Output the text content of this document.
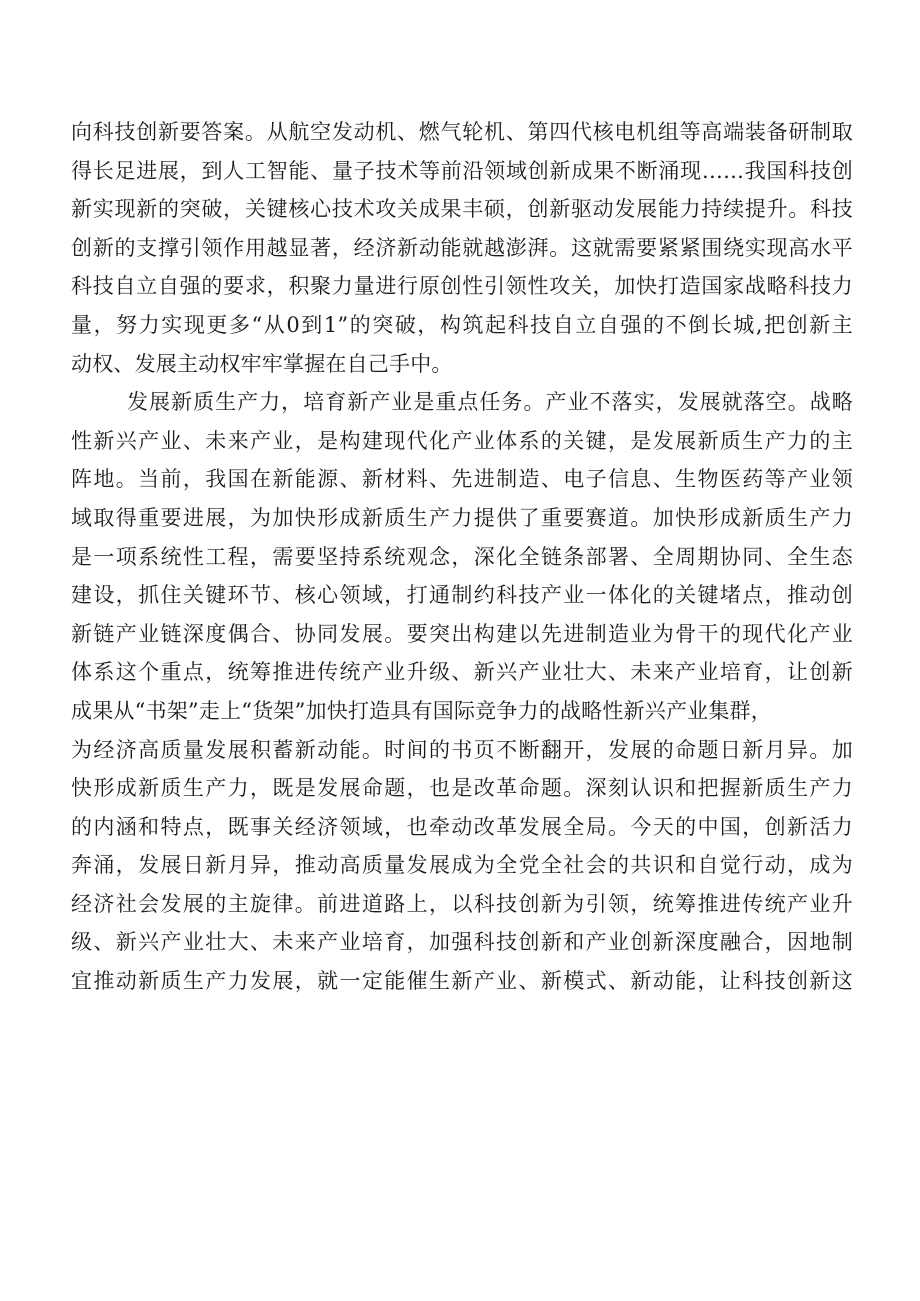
向科技创新要答案。从航空发动机、燃气轮机、第四代核电机组等高端装备研制取
得长足进展，到人工智能、量子技术等前沿领域创新成果不断涌现……我国科技创
新实现新的突破，关键核心技术攻关成果丰硕，创新驱动发展能力持续提升。科技
创新的支撑引领作用越显著，经济新动能就越澎湃。这就需要紧紧围绕实现高水平
科技自立自强的要求，积聚力量进行原创性引领性攻关，加快打造国家战略科技力
量，努力实现更多“从0到1”的突破，构筑起科技自立自强的不倒长城,把创新主
动权、发展主动权牢牢掌握在自己手中。
发展新质生产力，培育新产业是重点任务。产业不落实，发展就落空。战略
性新兴产业、未来产业，是构建现代化产业体系的关键，是发展新质生产力的主
阵地。当前，我国在新能源、新材料、先进制造、电子信息、生物医药等产业领
域取得重要进展，为加快形成新质生产力提供了重要赛道。加快形成新质生产力
是一项系统性工程，需要坚持系统观念，深化全链条部署、全周期协同、全生态
建设，抓住关键环节、核心领域，打通制约科技产业一体化的关键堵点，推动创
新链产业链深度偶合、协同发展。要突出构建以先进制造业为骨干的现代化产业
体系这个重点，统筹推进传统产业升级、新兴产业壮大、未来产业培育，让创新
成果从“书架”走上“货架”加快打造具有国际竞争力的战略性新兴产业集群，
为经济高质量发展积蓄新动能。时间的书页不断翻开，发展的命题日新月异。加
快形成新质生产力，既是发展命题，也是改革命题。深刻认识和把握新质生产力
的内涵和特点，既事关经济领域，也牵动改革发展全局。今天的中国，创新活力
奔涌，发展日新月异，推动高质量发展成为全党全社会的共识和自觉行动，成为
经济社会发展的主旋律。前进道路上，以科技创新为引领，统筹推进传统产业升
级、新兴产业壮大、未来产业培育，加强科技创新和产业创新深度融合，因地制
宜推动新质生产力发展，就一定能催生新产业、新模式、新动能，让科技创新这
